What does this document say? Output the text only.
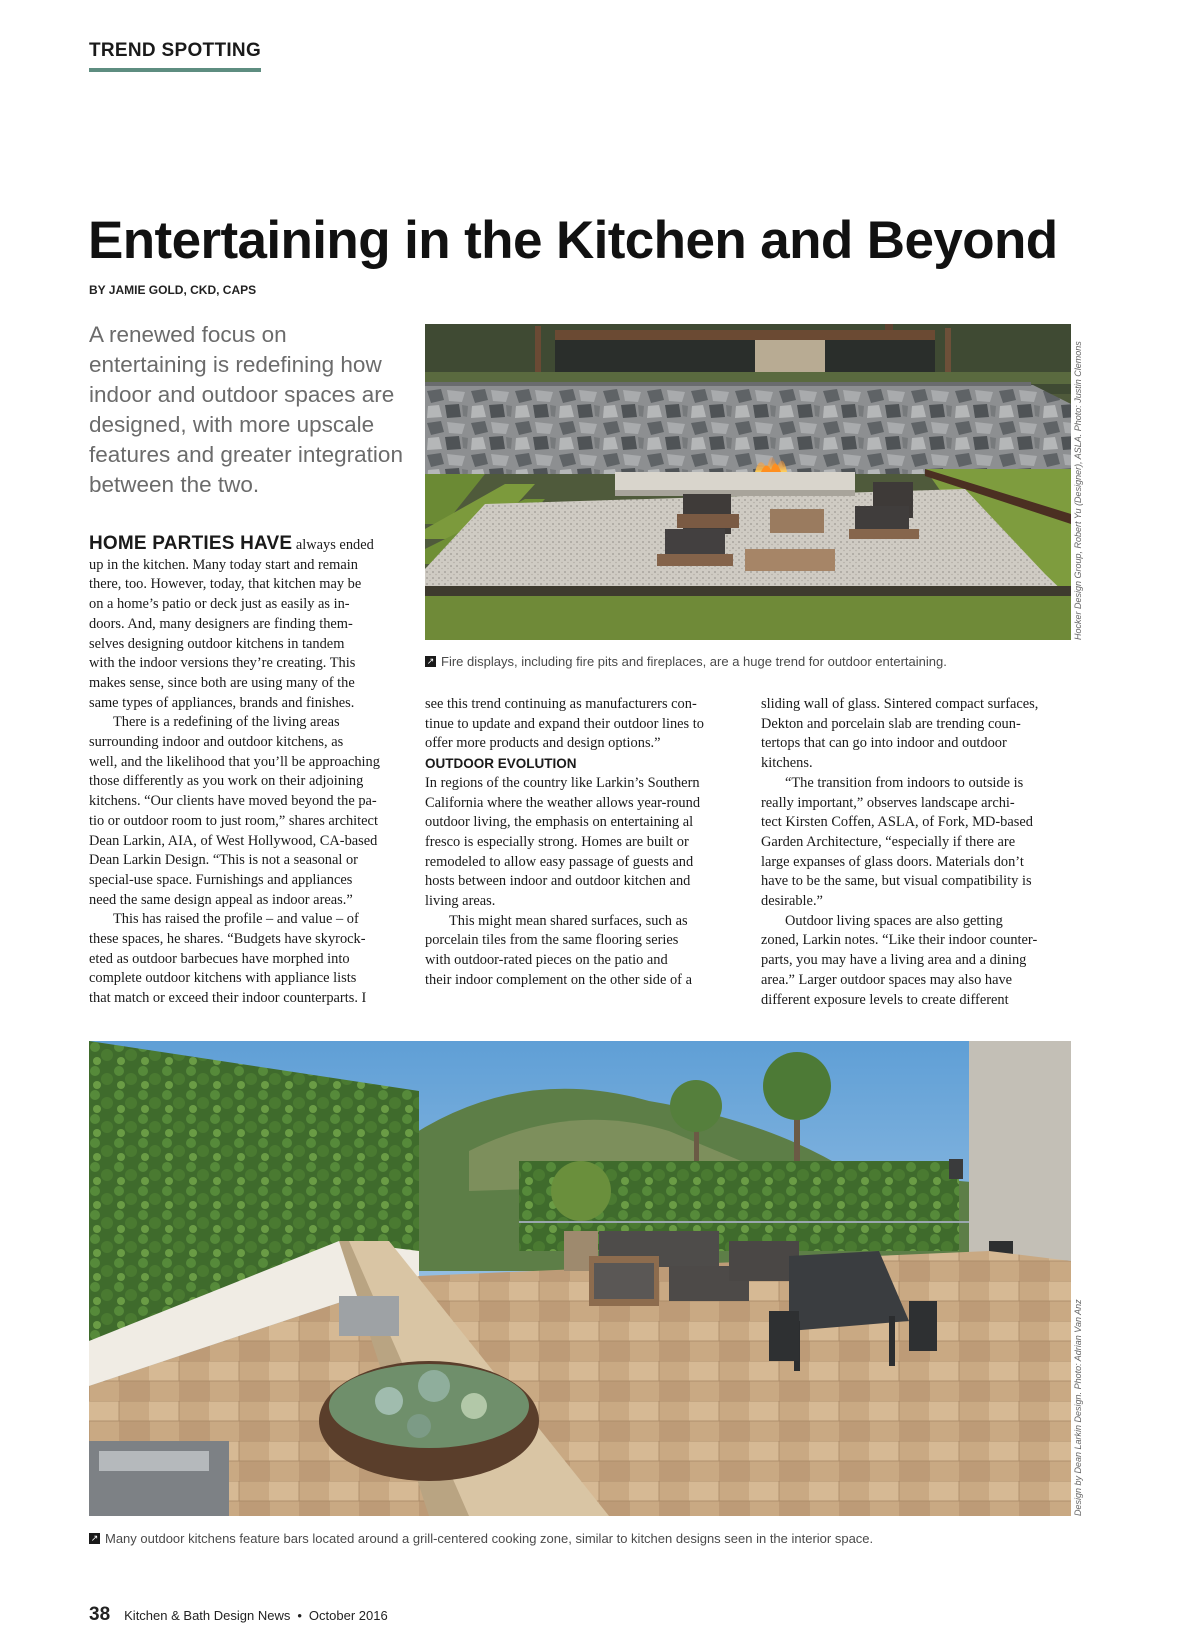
TREND SPOTTING
Entertaining in the Kitchen and Beyond
BY JAMIE GOLD, CKD, CAPS
A renewed focus on entertaining is redefining how indoor and outdoor spaces are designed, with more upscale features and greater integration between the two.

HOME PARTIES HAVE always ended

up in the kitchen. Many today start and remain

there, too. However, today, that kitchen may be

on a home’s patio or deck just as easily as in-

doors. And, many designers are finding them-

selves designing outdoor kitchens in tandem

with the indoor versions they’re creating. This

makes sense, since both are using many of the

same types of appliances, brands and finishes.

There is a redefining of the living areas

surrounding indoor and outdoor kitchens, as

well, and the likelihood that you’ll be approaching

those differently as you work on their adjoining

kitchens. “Our clients have moved beyond the pa-

tio or outdoor room to just room,” shares architect

Dean Larkin, AIA, of West Hollywood, CA-based

Dean Larkin Design. “This is not a seasonal or

special-use space. Furnishings and appliances

need the same design appeal as indoor areas.”

This has raised the profile – and value – of

these spaces, he shares. “Budgets have skyrock-

eted as outdoor barbecues have morphed into

complete outdoor kitchens with appliance lists

that match or exceed their indoor counterparts. I

see this trend continuing as manufacturers con-

tinue to update and expand their outdoor lines to

offer more products and design options.”

OUTDOOR EVOLUTION

In regions of the country like Larkin’s Southern

California where the weather allows year-round

outdoor living, the emphasis on entertaining al

fresco is especially strong. Homes are built or

remodeled to allow easy passage of guests and

hosts between indoor and outdoor kitchen and

living areas.

This might mean shared surfaces, such as

porcelain tiles from the same flooring series

with outdoor-rated pieces on the patio and

their indoor complement on the other side of a

sliding wall of glass. Sintered compact surfaces,

Dekton and porcelain slab are trending coun-

tertops that can go into indoor and outdoor

kitchens.

“The transition from indoors to outside is

really important,” observes landscape archi-

tect Kirsten Coffen, ASLA, of Fork, MD-based

Garden Architecture, “especially if there are

large expanses of glass doors. Materials don’t

have to be the same, but visual compatibility is

desirable.”

Outdoor living spaces are also getting

zoned, Larkin notes. “Like their indoor counter-

parts, you may have a living area and a dining

area.” Larger outdoor spaces may also have

different exposure levels to create different

Hocker Design Group, Robert Yu (Designer), ASLA. Photo: Justin Clemons
↗ Fire displays, including fire pits and fireplaces, are a huge trend for outdoor entertaining.
Design by Dean Larkin Design. Photo: Adrian Van Anz
↗ Many outdoor kitchens feature bars located around a grill-centered cooking zone, similar to kitchen designs seen in the interior space.
38 Kitchen & Bath Design News • October 2016
